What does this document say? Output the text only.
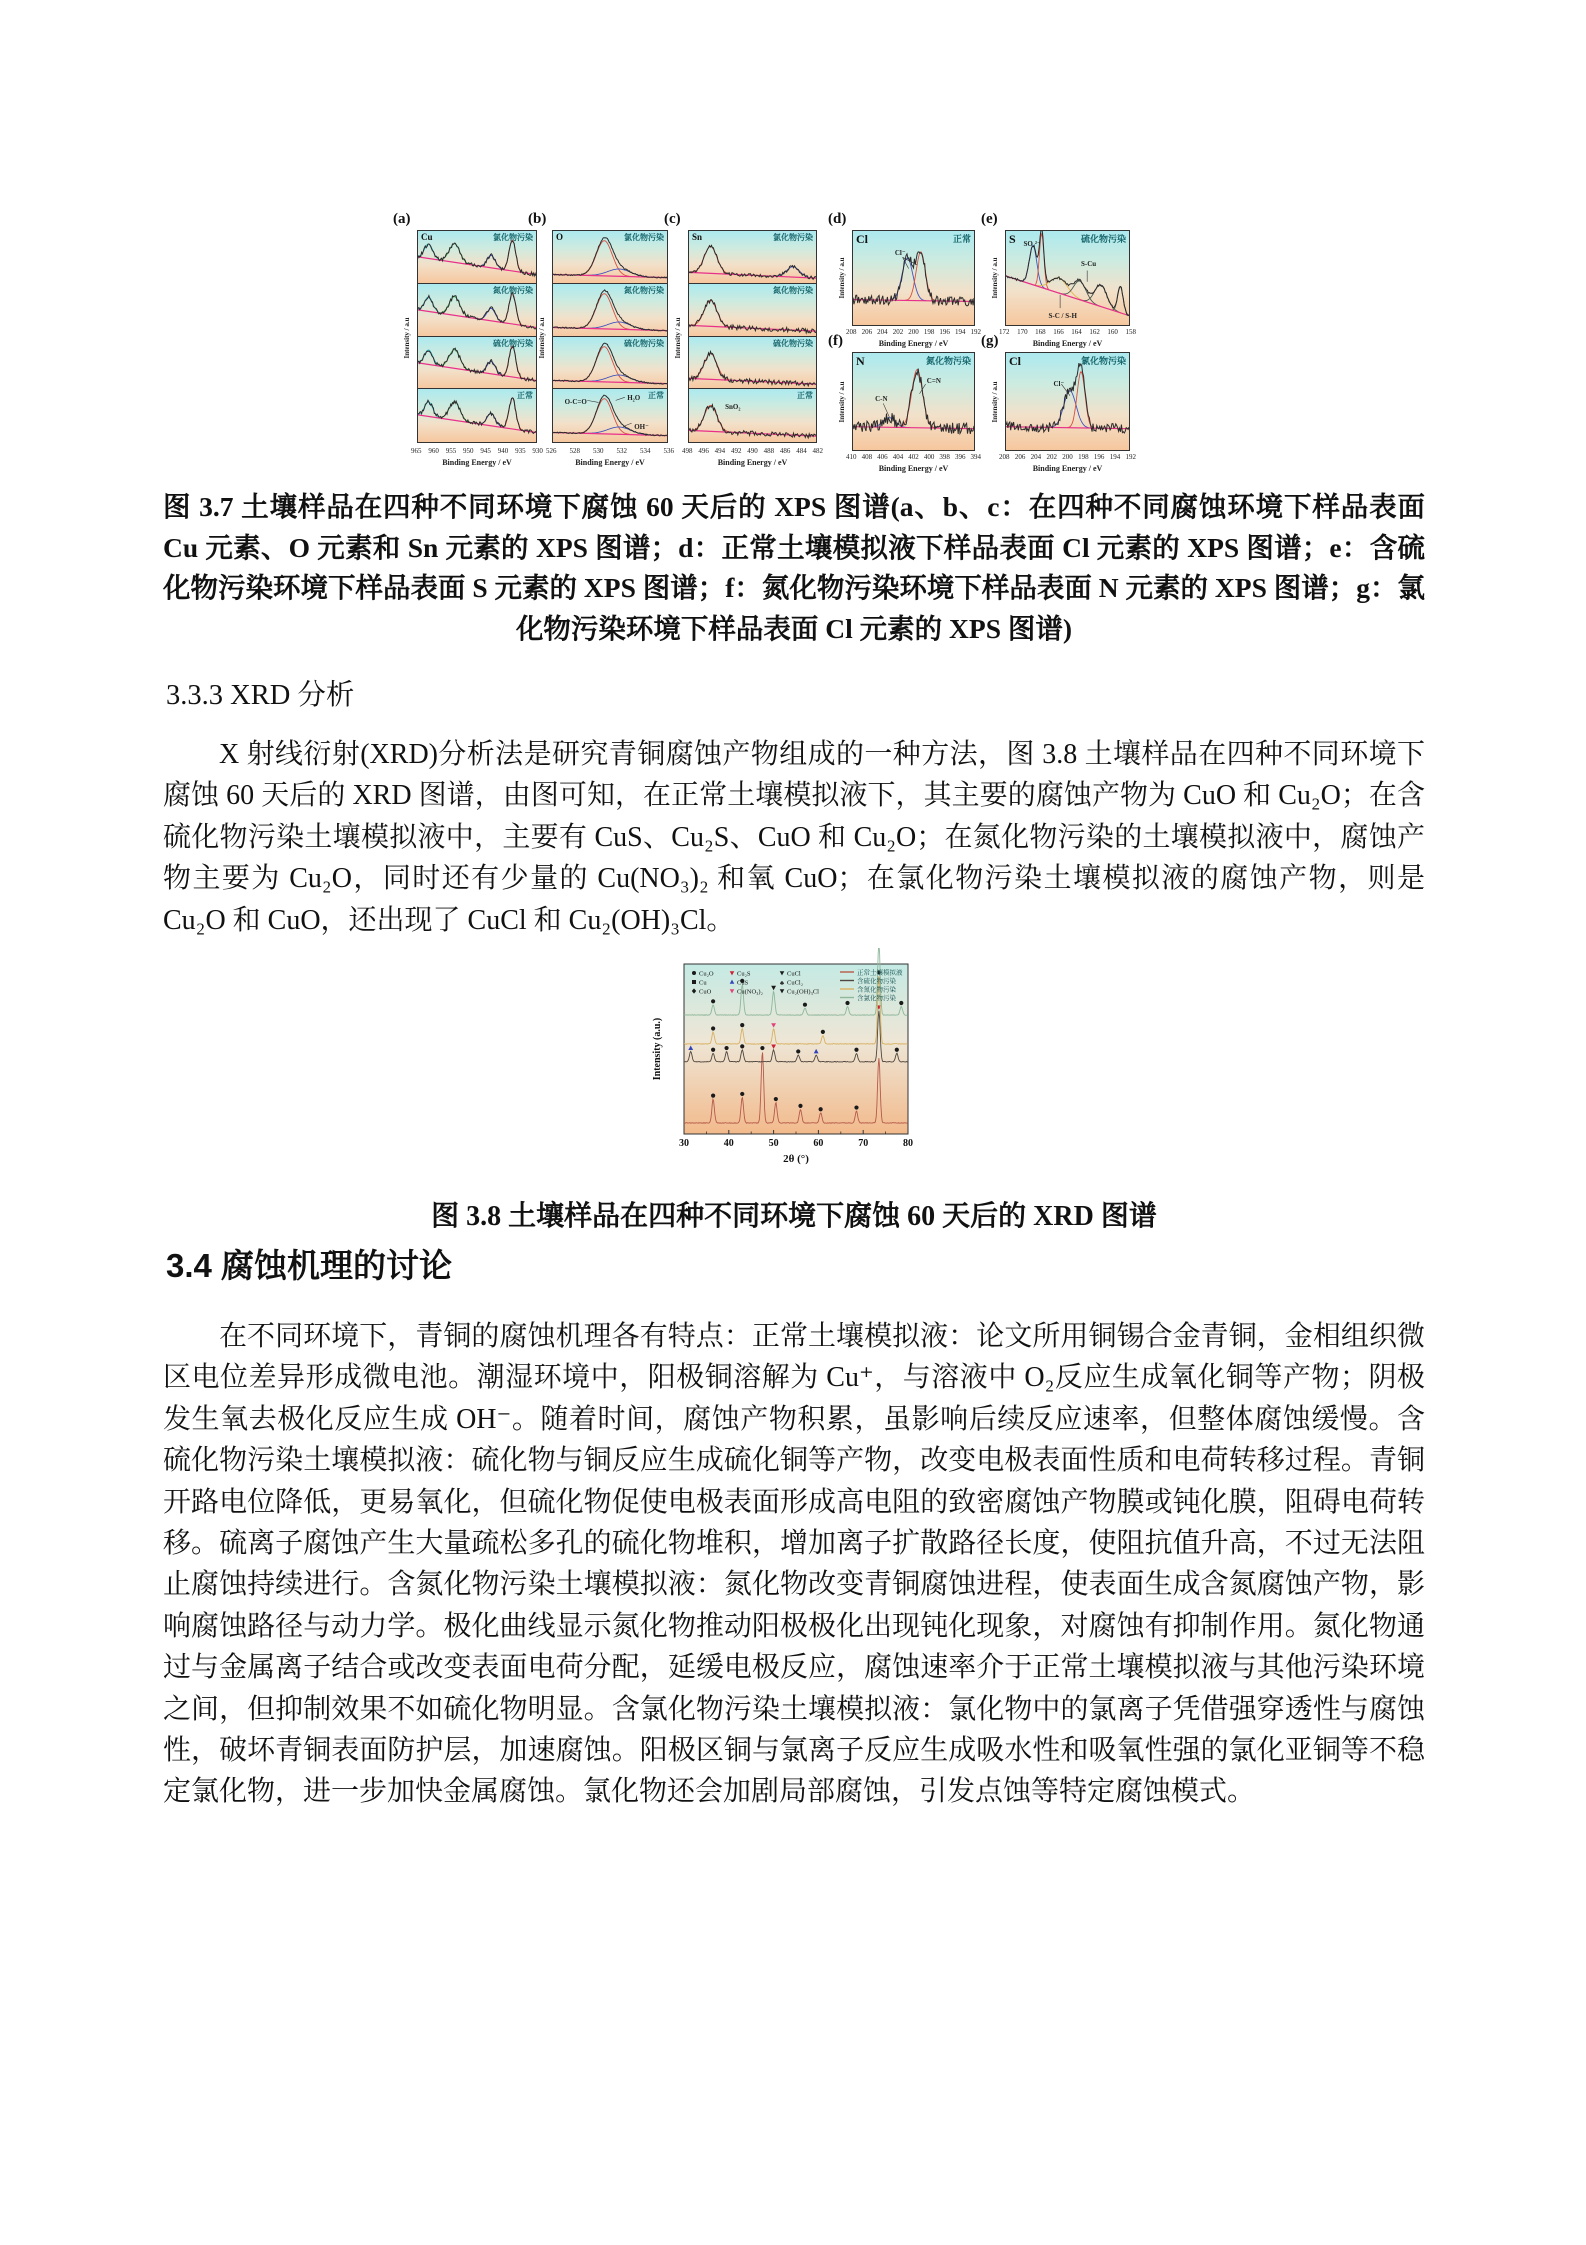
(a)
Intensity / a.u
Cu	氯化物污染
氮化物污染
硫化物污染
正常
965 960 955 950 945 940 935 930
Binding Energy / eV
(b)
Intensity / a.u
O	氯化物污染
氮化物污染
硫化物污染
正常
O-C=O
H₂O
OH⁻
526 528 530 532 534 536
Binding Energy / eV
(c)
Intensity / a.u
Sn	氯化物污染
氮化物污染
硫化物污染
正常
SnO₂
498 496 494 492 490 488 486 484 482
Binding Energy / eV
(d)
Intensity / a.u
Cl	正常
Cl⁻
208 206 204 202 200 198 196 194 192
Binding Energy / eV
(e)
Intensity / a.u
S	硫化物污染
SO₄²⁻
S-Cu
S-C / S-H
172 170 168 166 164 162 160 158
Binding Energy / eV
(f)
Intensity / a.u
N	氮化物污染
C-N
C=N
410 408 406 404 402 400 398 396 394
Binding Energy / eV
(g)
Intensity / a.u
Cl	氯化物污染
Cl⁻
208 206 204 202 200 198 196 194 192
Binding Energy / eV

图 3.7 土壤样品在四种不同环境下腐蚀 60 天后的 XPS 图谱(a、b、c：在四种不同腐蚀环境下样品表面 Cu 元素、O 元素和 Sn 元素的 XPS 图谱；d：正常土壤模拟液下样品表面 Cl 元素的 XPS 图谱；e：含硫化物污染环境下样品表面 S 元素的 XPS 图谱；f：氮化物污染环境下样品表面 N 元素的 XPS 图谱；g：氯化物污染环境下样品表面 Cl 元素的 XPS 图谱)

3.3.3 XRD 分析

X 射线衍射(XRD)分析法是研究青铜腐蚀产物组成的一种方法，图 3.8 土壤样品在四种不同环境下腐蚀 60 天后的 XRD 图谱，由图可知，在正常土壤模拟液下，其主要的腐蚀产物为 CuO 和 Cu₂O；在含硫化物污染土壤模拟液中，主要有 CuS、Cu₂S、CuO 和 Cu₂O；在氮化物污染的土壤模拟液中，腐蚀产物主要为 Cu₂O，同时还有少量的 Cu(NO₃)₂ 和氧 CuO；在氯化物污染土壤模拟液的腐蚀产物，则是 Cu₂O 和 CuO，还出现了 CuCl 和 Cu₂(OH)₃Cl。

30	40	50	60	70	80
2θ (°)
Intensity (a.u.)
Cu₂O
Cu
CuO
Cu₂S
CuS
Cu(NO₃)₂
CuCl
♣ CuCl₂
Cu₂(OH)₃Cl
正常土壤模拟液
含硫化物污染
含氮化物污染
含氯化物污染

图 3.8 土壤样品在四种不同环境下腐蚀 60 天后的 XRD 图谱

3.4 腐蚀机理的讨论

在不同环境下，青铜的腐蚀机理各有特点：正常土壤模拟液：论文所用铜锡合金青铜，金相组织微区电位差异形成微电池。潮湿环境中，阳极铜溶解为 Cu⁺，与溶液中 O₂反应生成氧化铜等产物；阴极发生氧去极化反应生成 OH⁻。随着时间，腐蚀产物积累，虽影响后续反应速率，但整体腐蚀缓慢。含硫化物污染土壤模拟液：硫化物与铜反应生成硫化铜等产物，改变电极表面性质和电荷转移过程。青铜开路电位降低，更易氧化，但硫化物促使电极表面形成高电阻的致密腐蚀产物膜或钝化膜，阻碍电荷转移。硫离子腐蚀产生大量疏松多孔的硫化物堆积，增加离子扩散路径长度，使阻抗值升高，不过无法阻止腐蚀持续进行。含氮化物污染土壤模拟液：氮化物改变青铜腐蚀进程，使表面生成含氮腐蚀产物，影响腐蚀路径与动力学。极化曲线显示氮化物推动阳极极化出现钝化现象，对腐蚀有抑制作用。氮化物通过与金属离子结合或改变表面电荷分配，延缓电极反应，腐蚀速率介于正常土壤模拟液与其他污染环境之间，但抑制效果不如硫化物明显。含氯化物污染土壤模拟液：氯化物中的氯离子凭借强穿透性与腐蚀性，破坏青铜表面防护层，加速腐蚀。阳极区铜与氯离子反应生成吸水性和吸氧性强的氯化亚铜等不稳定氯化物，进一步加快金属腐蚀。氯化物还会加剧局部腐蚀，引发点蚀等特定腐蚀模式。
